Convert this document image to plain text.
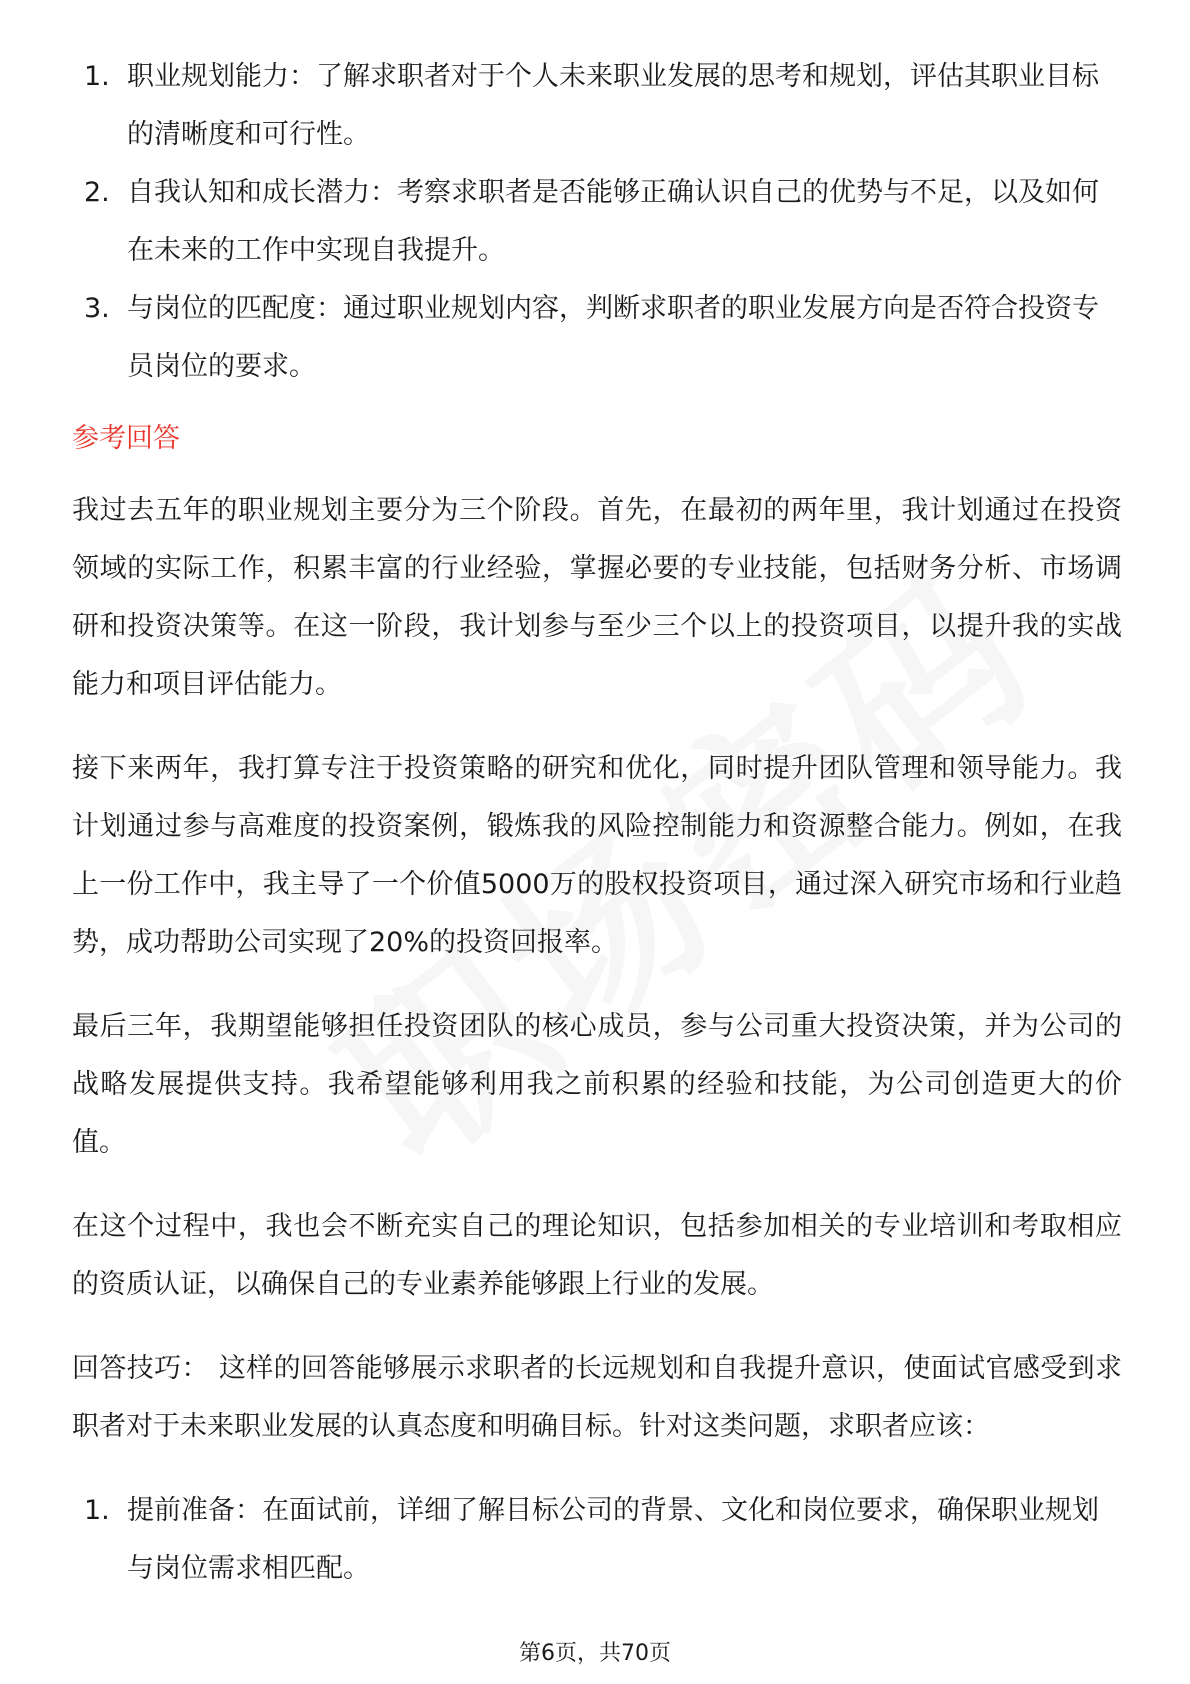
1. 职业规划能力：了解求职者对于个人未来职业发展的思考和规划，评估其职业目标的清晰度和可行性。
2. 自我认知和成长潜力：考察求职者是否能够正确认识自己的优势与不足，以及如何在未来的工作中实现自我提升。
3. 与岗位的匹配度：通过职业规划内容，判断求职者的职业发展方向是否符合投资专员岗位的要求。
参考回答

我过去五年的职业规划主要分为三个阶段。首先，在最初的两年里，我计划通过在投资领域的实际工作，积累丰富的行业经验，掌握必要的专业技能，包括财务分析、市场调研和投资决策等。在这一阶段，我计划参与至少三个以上的投资项目，以提升我的实战能力和项目评估能力。

接下来两年，我打算专注于投资策略的研究和优化，同时提升团队管理和领导能力。我计划通过参与高难度的投资案例，锻炼我的风险控制能力和资源整合能力。例如，在我上一份工作中，我主导了一个价值5000万的股权投资项目，通过深入研究市场和行业趋势，成功帮助公司实现了20%的投资回报率。

最后三年，我期望能够担任投资团队的核心成员，参与公司重大投资决策，并为公司的战略发展提供支持。我希望能够利用我之前积累的经验和技能，为公司创造更大的价值。

在这个过程中，我也会不断充实自己的理论知识，包括参加相关的专业培训和考取相应的资质认证，以确保自己的专业素养能够跟上行业的发展。

回答技巧： 这样的回答能够展示求职者的长远规划和自我提升意识，使面试官感受到求职者对于未来职业发展的认真态度和明确目标。针对这类问题，求职者应该：

1. 提前准备：在面试前，详细了解目标公司的背景、文化和岗位要求，确保职业规划与岗位需求相匹配。
第6页，共70页
